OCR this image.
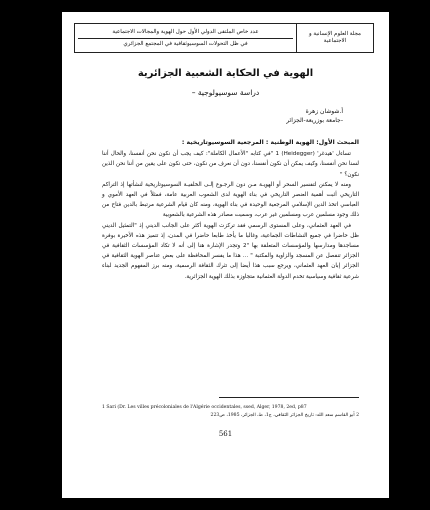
مجلة العلوم الإنسانية و الاجتماعية
عدد خاص الملتقى الدولي الأول حول الهوية والمجالات الاجتماعية
في ظل التحولات السوسيوثقافية في المجتمع الجزائري
الهوية في الحكاية الشعبية الجزائرية
دراسة سوسيولوجية –
أ.شوشان زهرة
-جامعة بوزريعة-الجزائر
المبحث الأول: الهوية الوطنية : المرجعية السوسيوتاريخية :

تساءل 'هيدغر' (Heidegger) 1 "في كتابه "الأعمال الكاملة": كيف يجب أن نكون نحن أنفسنا، والحال أننا لسنا نحن أنفسنا، وكيف يمكن أن نكون أنفسنا، دون أن نعرف من نكون، حتى نكون على يقين من أننا نحن الذين نكون؟ "

ومنه لا يمكنن لتفسير السحر أو الهويـة مـن دون الرجـوع إلـى الخلفيـة السوسيوتاريخية لنشأتها إذ التراكم التاريخي أثبت أهمية العنصر التاريخي في بناء الهوية لدى الشعوب العربية عامة، فمثلاً في العهد الأموي و العباسي اتخذ الدين الإسلامي المرجعية الوحيدة في بناء الهوية، ومنه كان قيام الشرعية مرتبط بالدين فتاح من ذلك وجود مسلمين عرب ومسلمين غير عرب، وسميت مصادر هذه الشرعية بالشعوبية

في العهد العثماني، وعلى المستوى الرسمي فقد تركزت الهوية أكثر على الجانب الديني إذ "التمثيل الديني ظل حاضرا في جميع النشاطات الجماعية، وغالبا ما يأخذ طابعا حاضرا في المدن، إذ تتميز هذه الأخيرة بوفرة مساجدها ومدارسها والمؤسسات المتعلقة بها "2 وتجدر الإشارة هنا إلى أنه لا تكاد المؤسسات الثقافية في الجزائر تنفصل عن المسجد والزاوية والمكتبة " ... هذا ما يفسر المحافظة على بعض عناصر الهوية الثقافية في الجزائر إبان العهد العثماني، ويرجع سبب هذا أيضا إلى تثرك الثقافة الرسمية، ومنه برز المفهوم الجديد لبناء شرعية ثقافية وسياسية تخدم الدولة العثمانية متجاوزة بذلك الهوية الجزائرية.

1 Sari (Dr. Les villes précoloniales de l'Algérie occidentales, ssed, Alger, 1978, 2ed, p87
2 أبو القاسم سعد الله: تاريخ الجزائر الثقافي، ج1، ط، الجزائر، 1985، ص223
561
